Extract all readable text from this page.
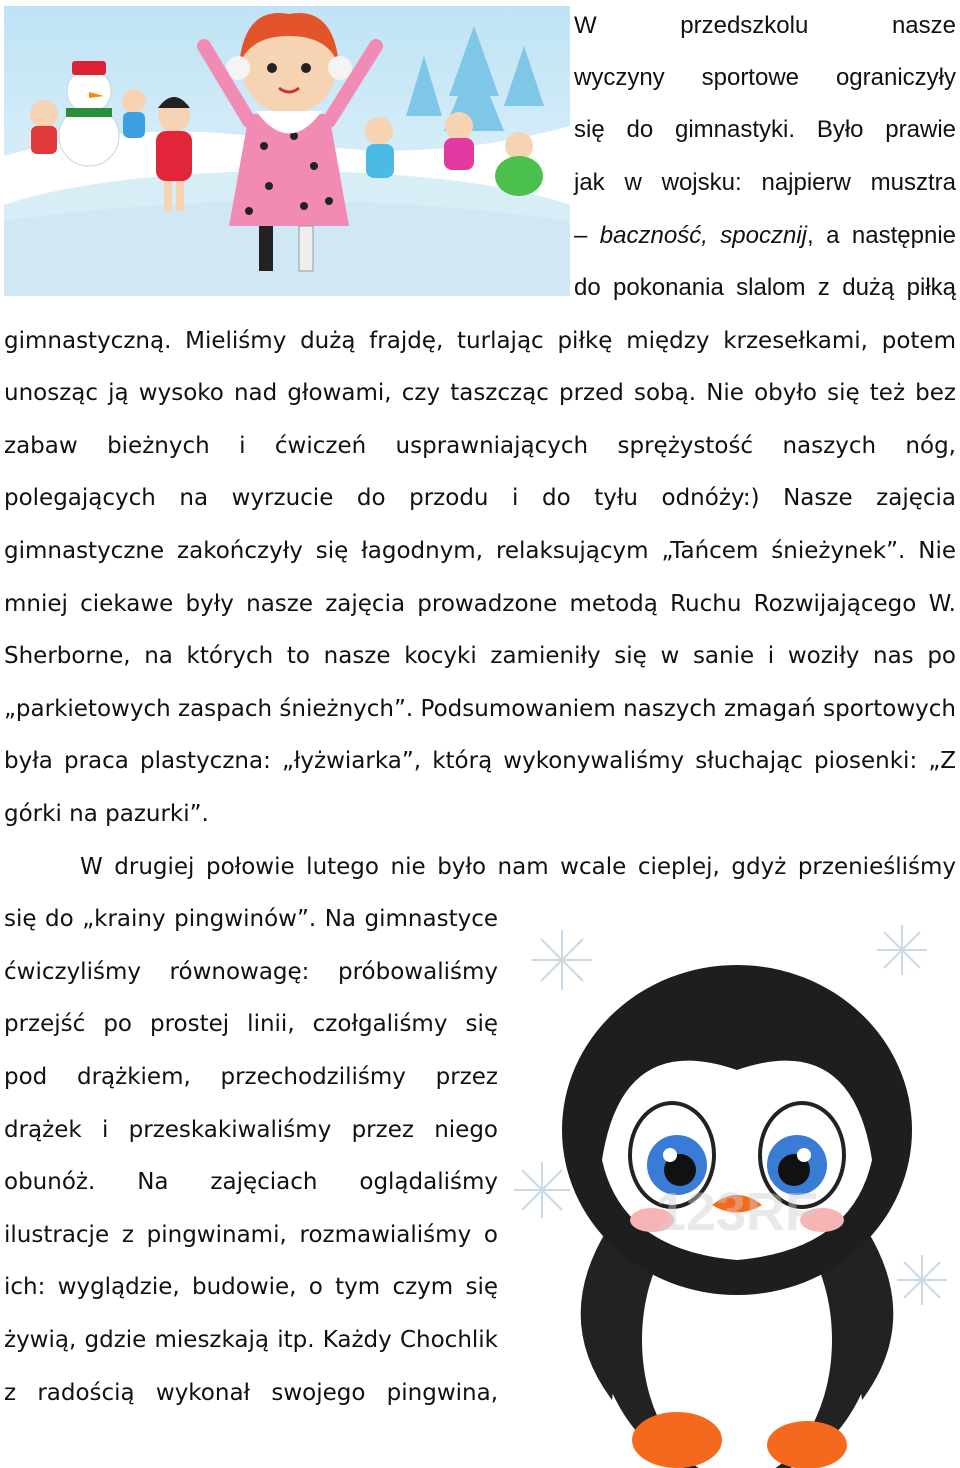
W przedszkolu nasze
wyczyny sportowe ograniczyły
się do gimnastyki. Było prawie
jak w wojsku: najpierw musztra
– baczność, spocznij, a następnie
do pokonania slalom z dużą piłką
gimnastyczną. Mieliśmy dużą frajdę, turlając piłkę między krzesełkami, potem
unosząc ją wysoko nad głowami, czy taszcząc przed sobą. Nie obyło się też bez
zabaw bieżnych i ćwiczeń usprawniających sprężystość naszych nóg,
polegających na wyrzucie do przodu i do tyłu odnóży:) Nasze zajęcia
gimnastyczne zakończyły się łagodnym, relaksującym „Tańcem śnieżynek”. Nie
mniej ciekawe były nasze zajęcia prowadzone metodą Ruchu Rozwijającego W.
Sherborne, na których to nasze kocyki zamieniły się w sanie i woziły nas po
„parkietowych zaspach śnieżnych”. Podsumowaniem naszych zmagań sportowych
była praca plastyczna: „łyżwiarka”, którą wykonywaliśmy słuchając piosenki: „Z
górki na pazurki”.
W drugiej połowie lutego nie było nam wcale cieplej, gdyż przenieśliśmy
się do „krainy pingwinów”. Na gimnastyce
ćwiczyliśmy równowagę: próbowaliśmy
przejść po prostej linii, czołgaliśmy się
pod drążkiem, przechodziliśmy przez
drążek i przeskakiwaliśmy przez niego
obunóż. Na zajęciach oglądaliśmy
ilustracje z pingwinami, rozmawialiśmy o
ich: wyglądzie, budowie, o tym czym się
żywią, gdzie mieszkają itp. Każdy Chochlik
z radością wykonał swojego pingwina,
123RF
